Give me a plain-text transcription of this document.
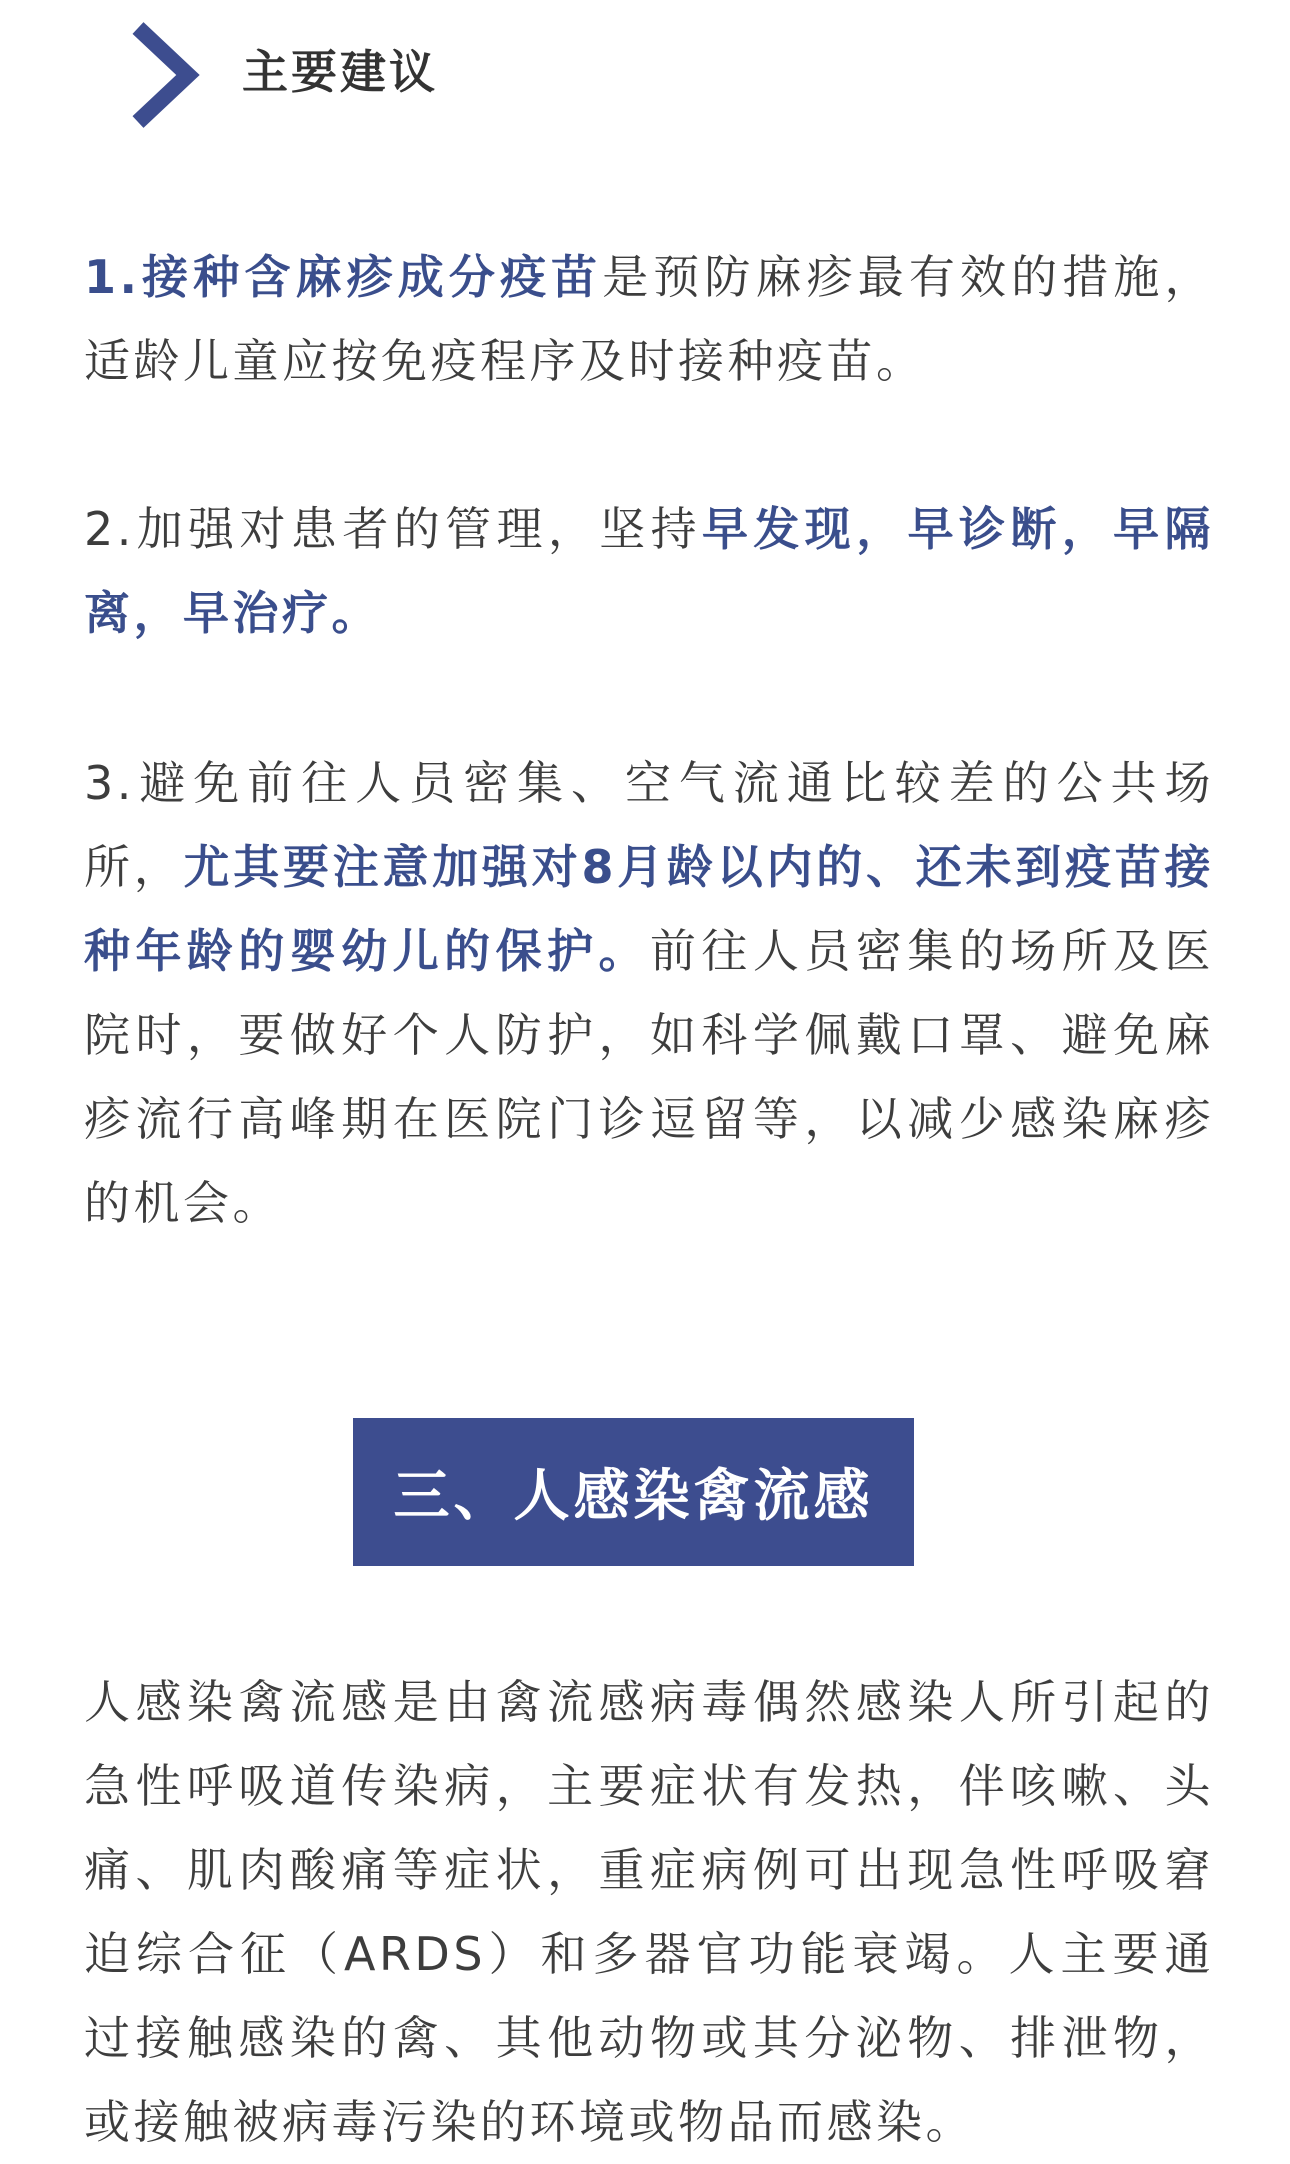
主要建议

1.接种含麻疹成分疫苗是预防麻疹最有效的措施，适龄儿童应按免疫程序及时接种疫苗。

2.加强对患者的管理，坚持早发现，早诊断，早隔离，早治疗。

3.避免前往人员密集、空气流通比较差的公共场所，尤其要注意加强对8月龄以内的、还未到疫苗接种年龄的婴幼儿的保护。前往人员密集的场所及医院时，要做好个人防护，如科学佩戴口罩、避免麻疹流行高峰期在医院门诊逗留等，以减少感染麻疹的机会。

三、人感染禽流感

人感染禽流感是由禽流感病毒偶然感染人所引起的急性呼吸道传染病，主要症状有发热，伴咳嗽、头痛、肌肉酸痛等症状，重症病例可出现急性呼吸窘迫综合征（ARDS）和多器官功能衰竭。人主要通过接触感染的禽、其他动物或其分泌物、排泄物，或接触被病毒污染的环境或物品而感染。
